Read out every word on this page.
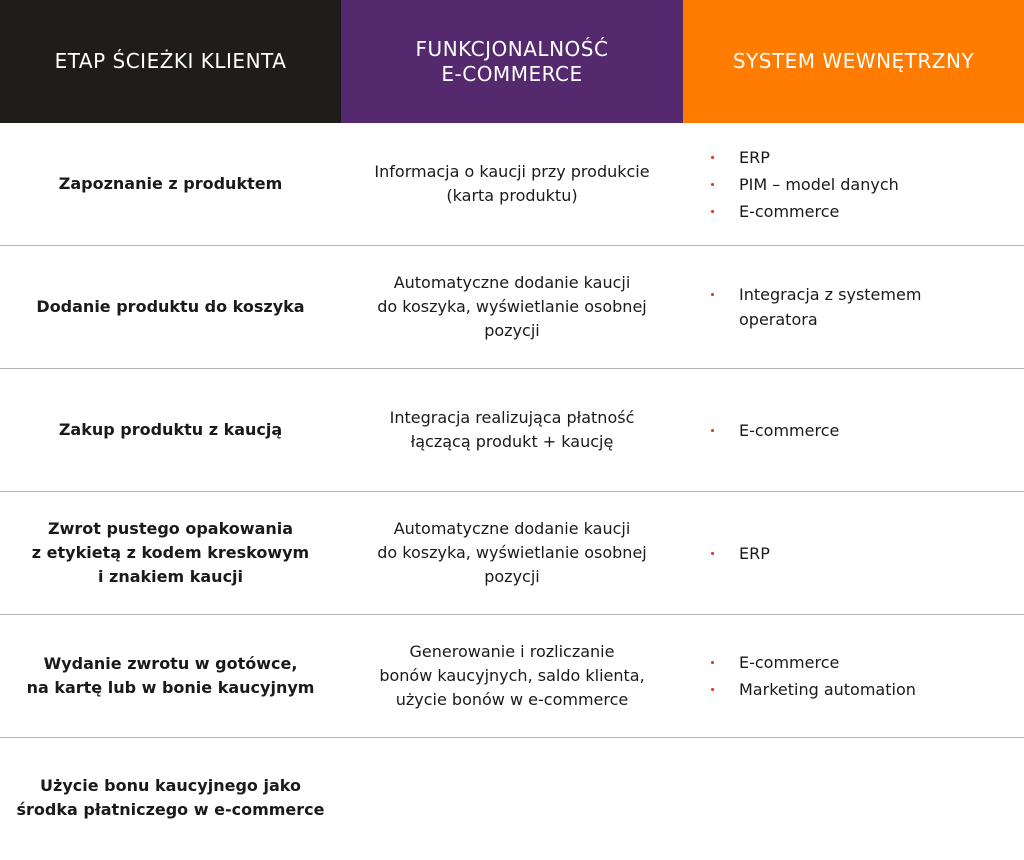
ETAP ŚCIEŻKI KLIENTA
FUNKCJONALNOŚĆ
E-COMMERCE
SYSTEM WEWNĘTRZNY
Zapoznanie z produktem
Informacja o kaucji przy produkcie
(karta produktu)
ERP
PIM – model danych
E-commerce
Dodanie produktu do koszyka
Automatyczne dodanie kaucji
do koszyka, wyświetlanie osobnej
pozycji
Integracja z systemem
operatora
Zakup produktu z kaucją
Integracja realizująca płatność
łączącą produkt + kaucję
E-commerce
Zwrot pustego opakowania
z etykietą z kodem kreskowym
i znakiem kaucji
Automatyczne dodanie kaucji
do koszyka, wyświetlanie osobnej
pozycji
ERP
Wydanie zwrotu w gotówce,
na kartę lub w bonie kaucyjnym
Generowanie i rozliczanie
bonów kaucyjnych, saldo klienta,
użycie bonów w e-commerce
E-commerce
Marketing automation
Użycie bonu kaucyjnego jako
środka płatniczego w e-commerce
